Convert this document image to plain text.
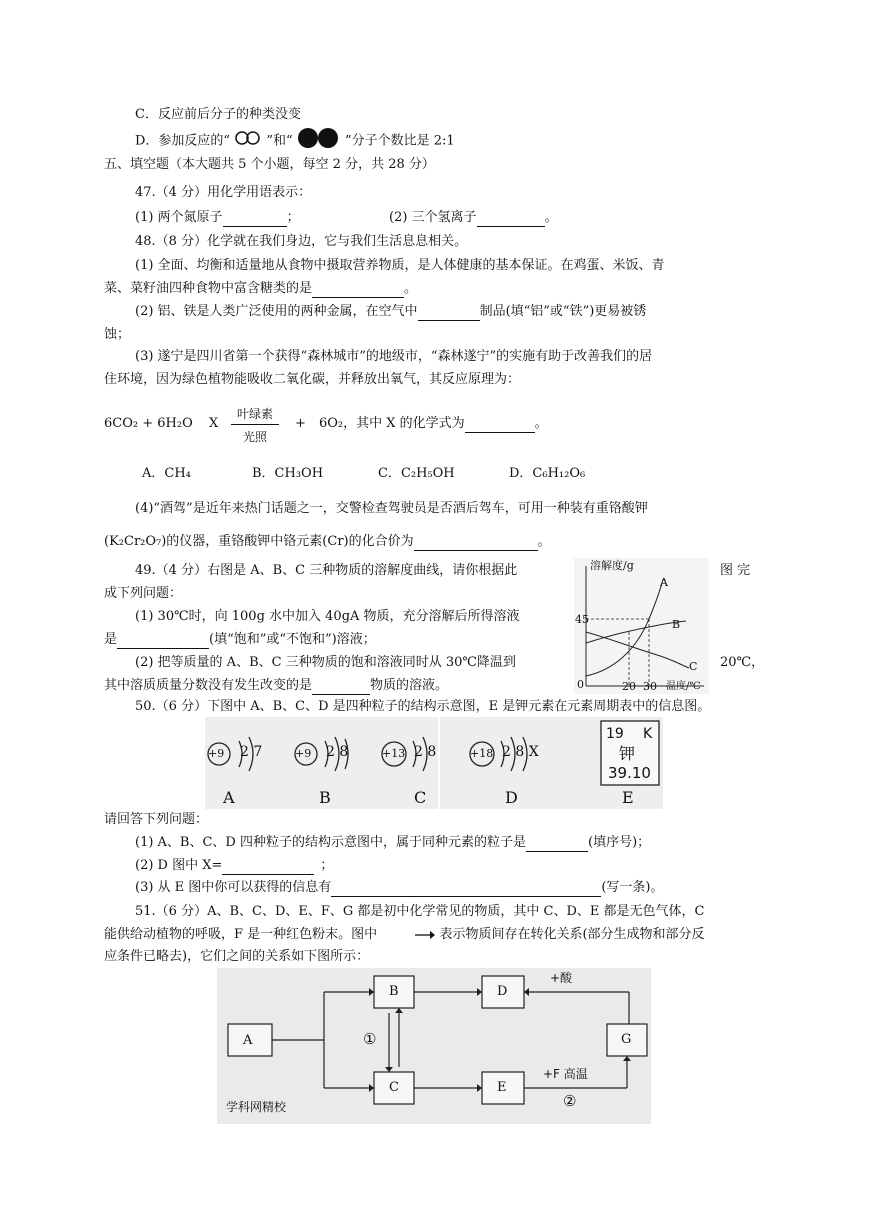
C．反应前后分子的种类没变
D．参加反应的“	”和“	”分子个数比是 2:1
五、填空题（本大题共 5 个小题，每空 2 分，共 28 分）
47.（4 分）用化学用语表示：
(1) 两个氮原子	；	(2) 三个氢离子	。
48.（8 分）化学就在我们身边，它与我们生活息息相关。
(1) 全面、均衡和适量地从食物中摄取营养物质，是人体健康的基本保证。在鸡蛋、米饭、青
菜、菜籽油四种食物中富含糖类的是	。
(2) 铝、铁是人类广泛使用的两种金属，在空气中	制品(填“铝”或“铁”)更易被锈
蚀；
(3) 遂宁是四川省第一个获得“森林城市”的地级市，“森林遂宁”的实施有助于改善我们的居
住环境，因为绿色植物能吸收二氧化碳，并释放出氧气，其反应原理为：
6CO₂ + 6H₂O X
叶绿素
光照
+ 6O₂，其中 X 的化学式为	。
A．CH₄	B．CH₃OH	C．C₂H₅OH	D．C₆H₁₂O₆
(4)“酒驾”是近年来热门话题之一，交警检查驾驶员是否酒后驾车，可用一种装有重铬酸钾
(K₂Cr₂O₇)的仪器，重铬酸钾中铬元素(Cr)的化合价为	。
49.（4 分）右图是 A、B、C 三种物质的溶解度曲线，请你根据此	图 完
成下列问题：
(1) 30℃时，向 100g 水中加入 40gA 物质，充分溶解后所得溶液
是	(填“饱和”或“不饱和”)溶液；
(2) 把等质量的 A、B、C 三种物质的饱和溶液同时从 30℃降温到	20℃，
其中溶质质量分数没有发生改变的是	物质的溶液。
溶解度/g
45
0	20 30 温度/℃
A
B
C
50.（6 分）下图中 A、B、C、D 是四种粒子的结构示意图，E 是钾元素在元素周期表中的信息图。
+9 2 7
A
+9 2 8
B
+13 2 8
C
+18 2 8 X
D
19 K
钾
39.10
E
请回答下列问题：
(1) A、B、C、D 四种粒子的结构示意图中，属于同种元素的粒子是	(填序号)；
(2) D 图中 X=	；
(3) 从 E 图中你可以获得的信息有	(写一条)。
51.（6 分）A、B、C、D、E、F、G 都是初中化学常见的物质，其中 C、D、E 都是无色气体，C
能供给动植物的呼吸，F 是一种红色粉末。图中	表示物质间存在转化关系(部分生成物和部分反
应条件已略去)，它们之间的关系如下图所示：
A
B
C
D
E
G
+酸
①
+F 高温
②
学科网精校
